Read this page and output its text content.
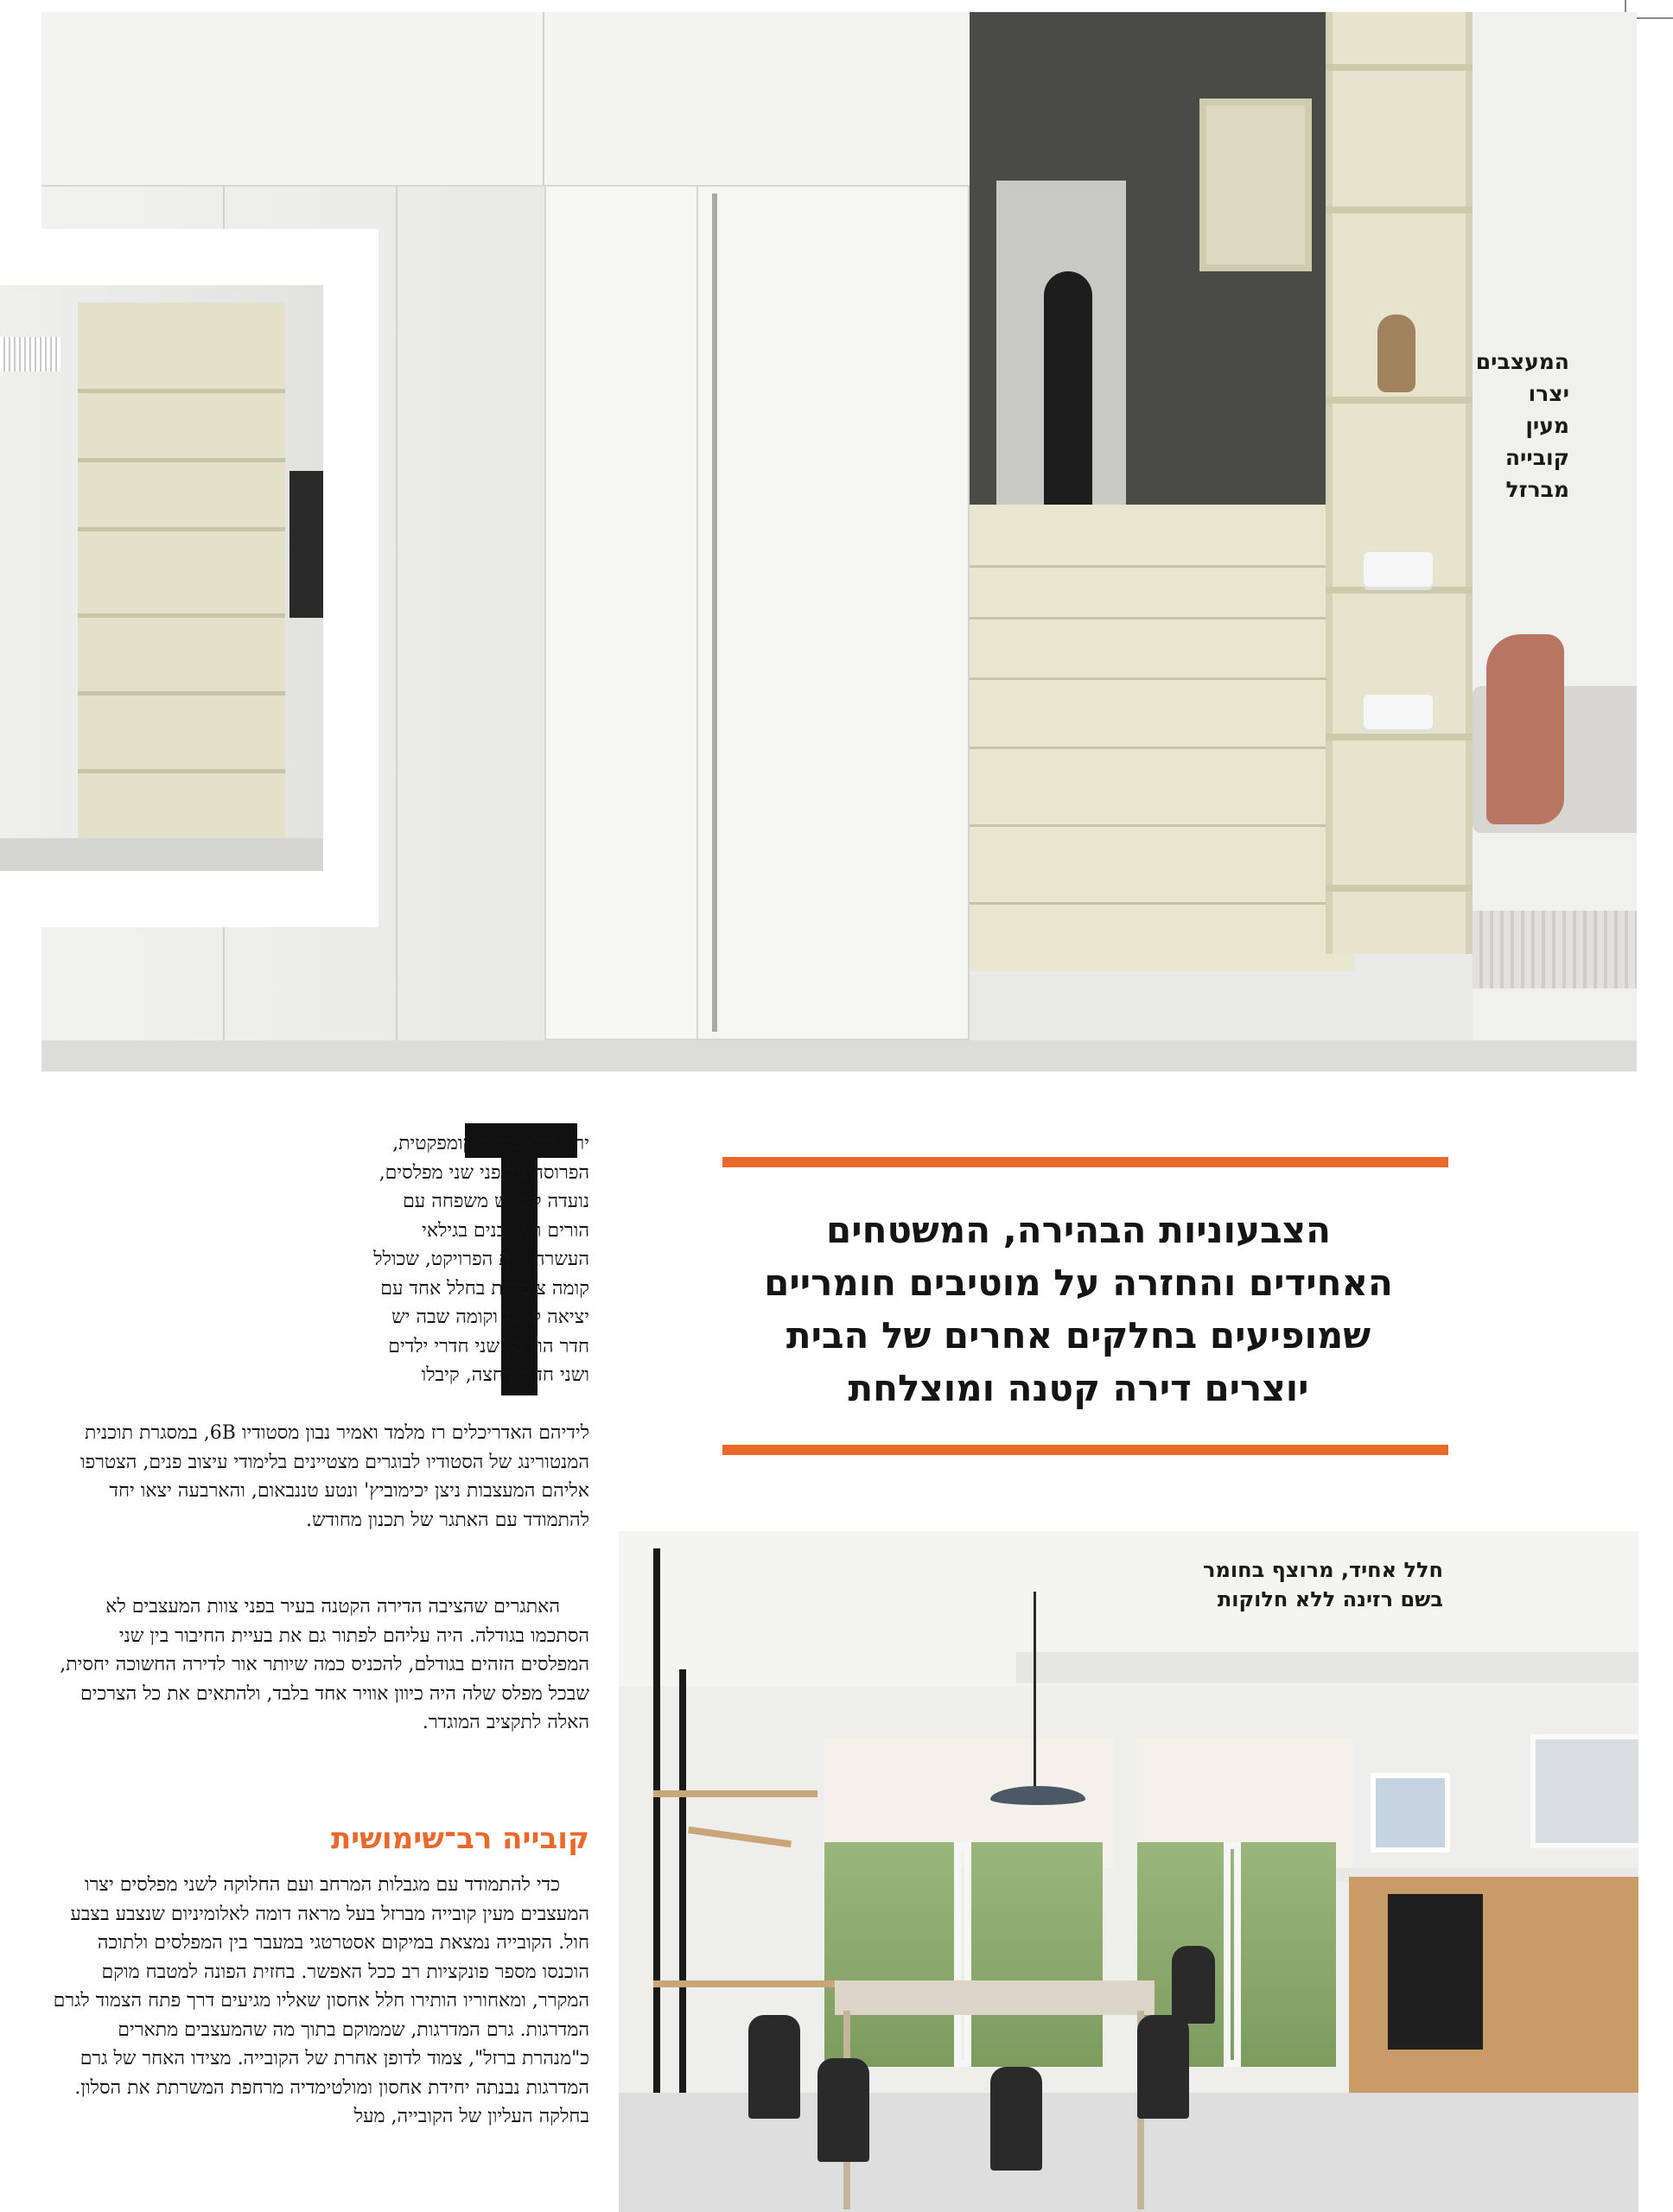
המעצבים
יצרו
מעין
קובייה
מברזל
הצבעוניות הבהירה, המשטחים
האחידים והחזרה על מוטיבים חומריים
שמופיעים בחלקים אחרים של הבית
יוצרים דירה קטנה ומוצלחת
ירה תל־אביבית קומפקטית,
הפרוסה על פני שני מפלסים,
נועדה לשמש משפחה עם
הורים ושני בנים בגילאי
העשרה. את הפרויקט, שכולל
קומה ציבורית בחלל אחד עם
יציאה לגינה וקומה שבה יש
חדר הורים, שני חדרי ילדים
ושני חדרי רחצה, קיבלו
לידיהם האדריכלים רז מלמד ואמיר נבון מסטודיו 6B, במסגרת תוכנית המנטורינג של הסטודיו לבוגרים מצטיינים בלימודי עיצוב פנים, הצטרפו אליהם המעצבות ניצן יכימוביץ' ונטע טננבאום, והארבעה יצאו יחד להתמודד עם האתגר של תכנון מחודש.
האתגרים שהציבה הדירה הקטנה בעיר בפני צוות המעצבים לא הסתכמו בגודלה. היה עליהם לפתור גם את בעיית החיבור בין שני המפלסים הזהים בגודלם, להכניס כמה שיותר אור לדירה החשוכה יחסית, שבכל מפלס שלה היה כיוון אוויר אחד בלבד, ולהתאים את כל הצרכים האלה לתקציב המוגדר.
קובייה רב־שימושית
כדי להתמודד עם מגבלות המרחב ועם החלוקה לשני מפלסים יצרו המעצבים מעין קובייה מברזל בעל מראה דומה לאלומיניום שנצבע בצבע חול. הקובייה נמצאת במיקום אסטרטגי במעבר בין המפלסים ולתוכה הוכנסו מספר פונקציות רב ככל האפשר. בחזית הפונה למטבח מוקם המקרר, ומאחוריו הותירו חלל אחסון שאליו מגיעים דרך פתח הצמוד לגרם המדרגות. גרם המדרגות, שממוקם בתוך מה שהמעצבים מתארים כ"מנהרת ברזל", צמוד לדופן אחרת של הקובייה. מצידו האחר של גרם המדרגות נבנתה יחידת אחסון ומולטימדיה מרחפת המשרתת את הסלון. בחלקה העליון של הקובייה, מעל
חלל אחיד, מרוצף בחומר
בשם רזינה ללא חלוקות
